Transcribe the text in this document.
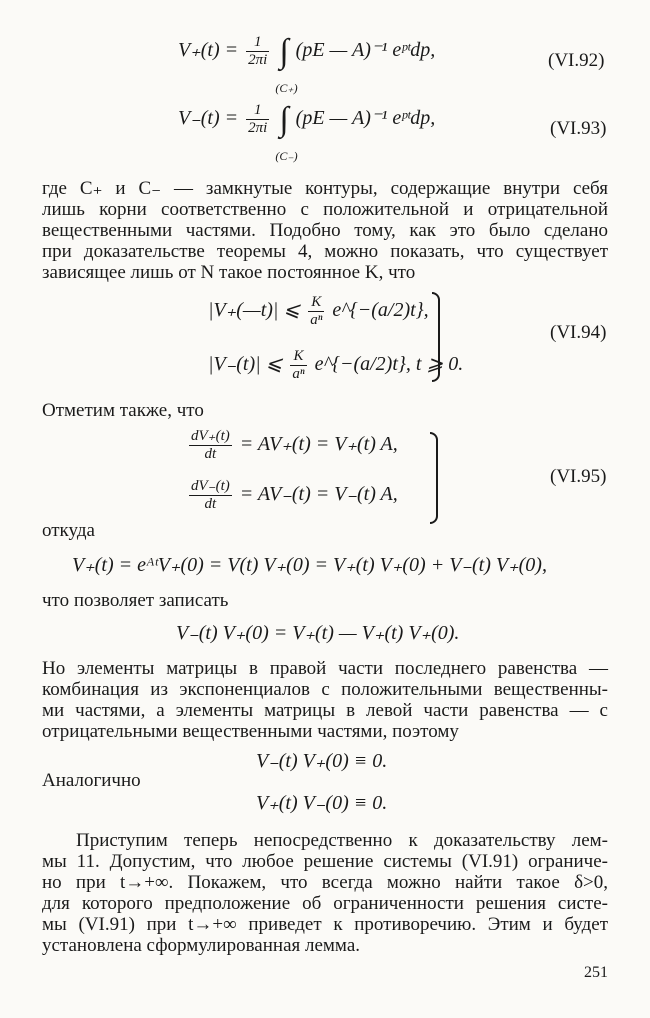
$V_+(t) = \frac{1}{2\pi i}$ ∫
(C₊)
(pE — A)⁻¹ eᵖᵗdp,	(VI.92)
$V_-(t) = \frac{1}{2\pi i}$ ∫
(C₋)
(pE — A)⁻¹ eᵖᵗdp,	(VI.93)
где C₊ и C₋ — замкнутые контуры, содержащие внутри себя
лишь корни соответственно с положительной и отрицательной
вещественными частями. Подобно тому, как это было сделано
при доказательстве теоремы 4, можно показать, что существует
зависящее лишь от N такое постоянное K, что
|V₊(—t)| ⩽ $\frac{K}{\text{aⁿ}}$ e^{−(a/2)t},
|V₋(t)| ⩽ $\frac{K}{\text{aⁿ}}$ e^{−(a/2)t}, t ⩾ 0.
(VI.94)
Отметим также, что
$\frac{dV_+(t)}{dt} = AV_+(t) = V_+(t)$ A,
$\frac{dV_-(t)}{dt} = AV_-(t) = V_-(t)$ A,
(VI.95)
откуда
V₊(t) = eᴬᵗV₊(0) = V(t) V₊(0) = V₊(t) V₊(0) + V₋(t) V₊(0),
что позволяет записать
V₋(t) V₊(0) = V₊(t) — V₊(t) V₊(0).
Но элементы матрицы в правой части последнего равенства —
комбинация из экспоненциалов с положительными вещественны-
ми частями, а элементы матрицы в левой части равенства — с
отрицательными вещественными частями, поэтому
V₋(t) V₊(0) ≡ 0.
Аналогично
V₊(t) V₋(0) ≡ 0.
Приступим теперь непосредственно к доказательству лем-
мы 11. Допустим, что любое решение системы (VI.91) ограниче-
но при t→+∞. Покажем, что всегда можно найти такое δ>0,
для которого предположение об ограниченности решения систе-
мы (VI.91) при t→+∞ приведет к противоречию. Этим и будет
установлена сформулированная лемма.
251
